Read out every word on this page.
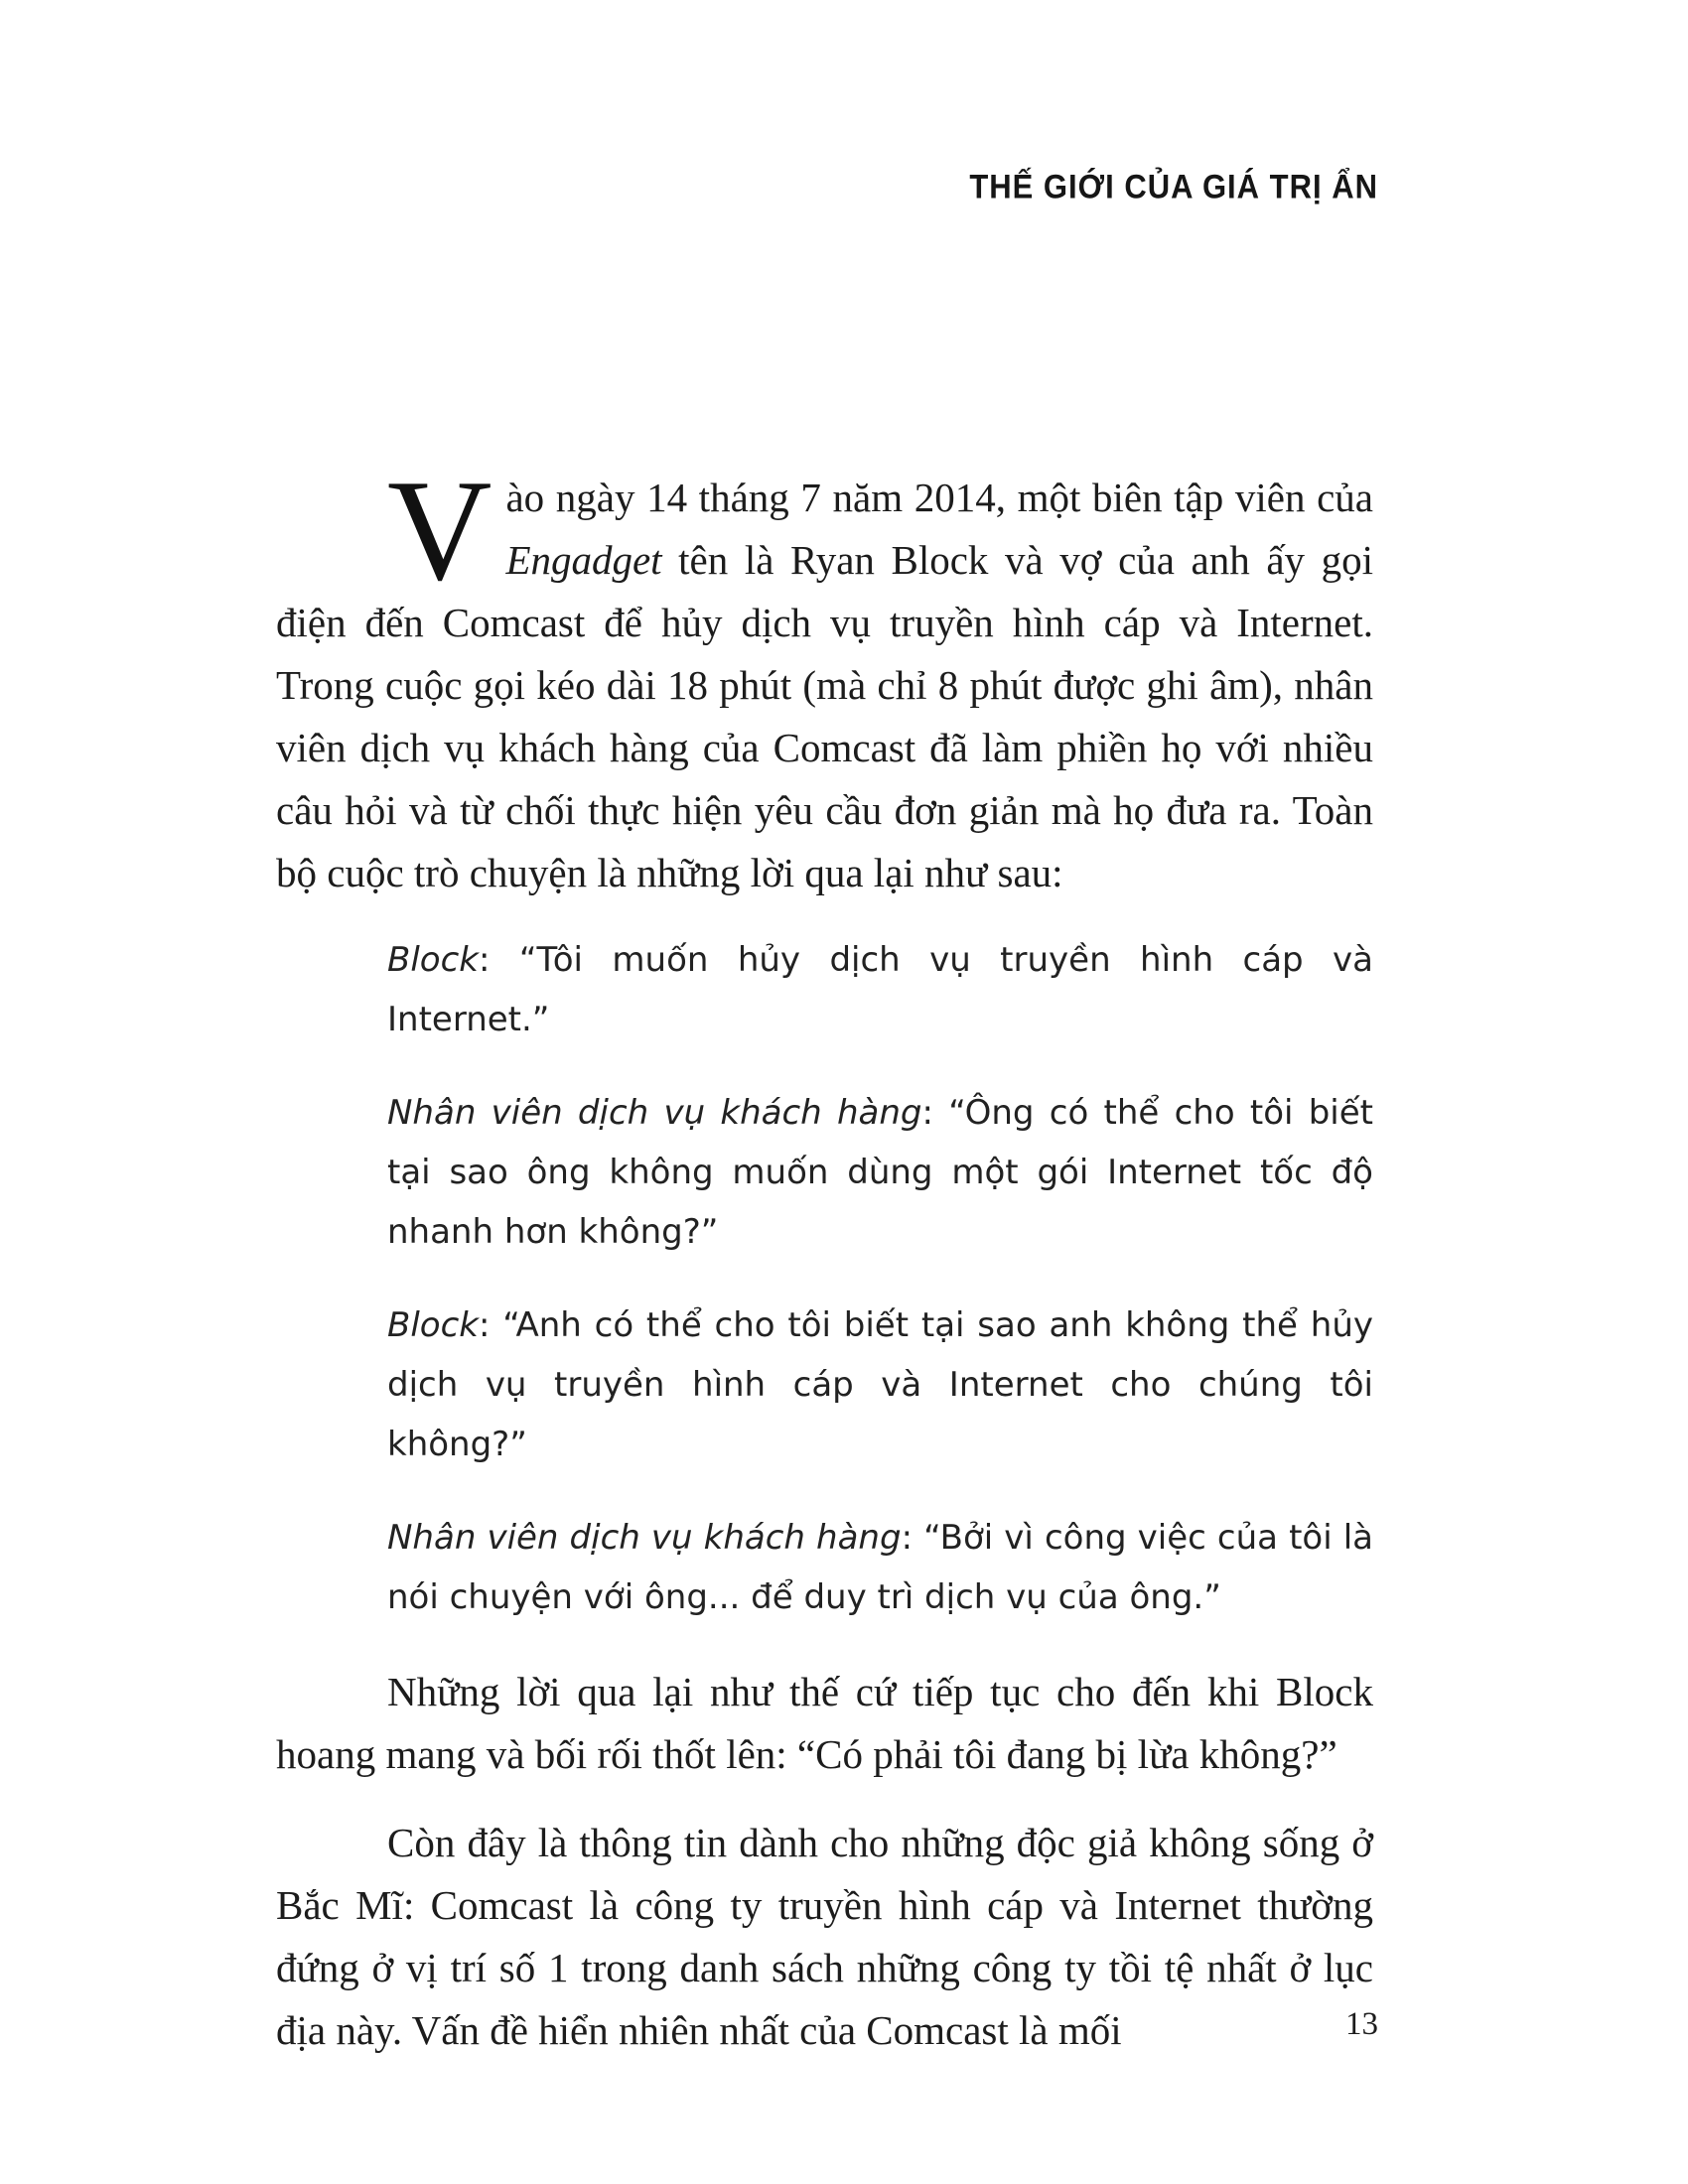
THẾ GIỚI CỦA GIÁ TRỊ ẨN

Vào ngày 14 tháng 7 năm 2014, một biên tập viên của Engadget tên là Ryan Block và vợ của anh ấy gọi điện đến Comcast để hủy dịch vụ truyền hình cáp và Internet. Trong cuộc gọi kéo dài 18 phút (mà chỉ 8 phút được ghi âm), nhân viên dịch vụ khách hàng của Comcast đã làm phiền họ với nhiều câu hỏi và từ chối thực hiện yêu cầu đơn giản mà họ đưa ra. Toàn bộ cuộc trò chuyện là những lời qua lại như sau:

Block: “Tôi muốn hủy dịch vụ truyền hình cáp và Internet.”

Nhân viên dịch vụ khách hàng: “Ông có thể cho tôi biết tại sao ông không muốn dùng một gói Internet tốc độ nhanh hơn không?”

Block: “Anh có thể cho tôi biết tại sao anh không thể hủy dịch vụ truyền hình cáp và Internet cho chúng tôi không?”

Nhân viên dịch vụ khách hàng: “Bởi vì công việc của tôi là nói chuyện với ông... để duy trì dịch vụ của ông.”

Những lời qua lại như thế cứ tiếp tục cho đến khi Block hoang mang và bối rối thốt lên: “Có phải tôi đang bị lừa không?”

Còn đây là thông tin dành cho những độc giả không sống ở Bắc Mĩ: Comcast là công ty truyền hình cáp và Internet thường đứng ở vị trí số 1 trong danh sách những công ty tồi tệ nhất ở lục địa này. Vấn đề hiển nhiên nhất của Comcast là mối	13
